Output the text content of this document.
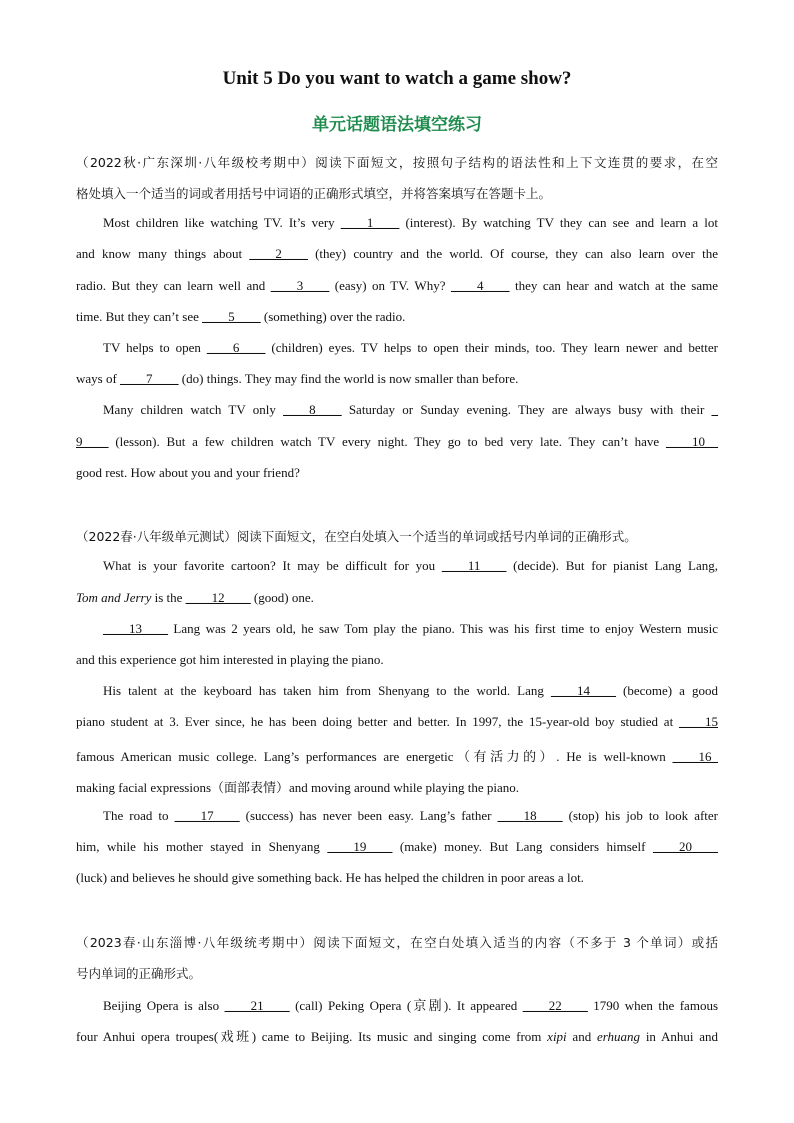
Unit 5 Do you want to watch a game show?
单元话题语法填空练习
（2022秋·广东深圳·八年级校考期中）阅读下面短文，按照句子结构的语法性和上下文连贯的要求，在空
格处填入一个适当的词或者用括号中词语的正确形式填空，并将答案填写在答题卡上。
Most children like watching TV. It’s very ____1____ (interest). By watching TV they can see and learn a lot
and know many things about ____2____ (they) country and the world. Of course, they can also learn over the
radio. But they can learn well and ____3____ (easy) on TV. Why? ____4____ they can hear and watch at the same
time. But they can’t see ____5____ (something) over the radio.
TV helps to open ____6____ (children) eyes. TV helps to open their minds, too. They learn newer and better
ways of ____7____ (do) things. They may find the world is now smaller than before.
Many children watch TV only ____8____ Saturday or Sunday evening. They are always busy with their _
9____ (lesson). But a few children watch TV every night. They go to bed very late. They can’t have ____10__
good rest. How about you and your friend?
（2022春·八年级单元测试）阅读下面短文，在空白处填入一个适当的单词或括号内单词的正确形式。
What is your favorite cartoon? It may be difficult for you ____11____ (decide). But for pianist Lang Lang,
Tom and Jerry is the ____12____ (good) one.
____13____ Lang was 2 years old, he saw Tom play the piano. This was his first time to enjoy Western music
and this experience got him interested in playing the piano.
His talent at the keyboard has taken him from Shenyang to the world. Lang ____14____ (become) a good
piano student at 3. Ever since, he has been doing better and better. In 1997, the 15-year-old boy studied at ____15
famous American music college. Lang’s performances are energetic（有活力的）. He is well-known ____16_
making facial expressions（面部表情）and moving around while playing the piano.
The road to ____17____ (success) has never been easy. Lang’s father ____18____ (stop) his job to look after
him, while his mother stayed in Shenyang ____19____ (make) money. But Lang considers himself ____20____
(luck) and believes he should give something back. He has helped the children in poor areas a lot.
（2023春·山东淄博·八年级统考期中）阅读下面短文，在空白处填入适当的内容（不多于 3 个单词）或括
号内单词的正确形式。
Beijing Opera is also ____21____ (call) Peking Opera (京剧). It appeared ____22____ 1790 when the famous
four Anhui opera troupes(戏班) came to Beijing. Its music and singing come from xipi and erhuang in Anhui and
